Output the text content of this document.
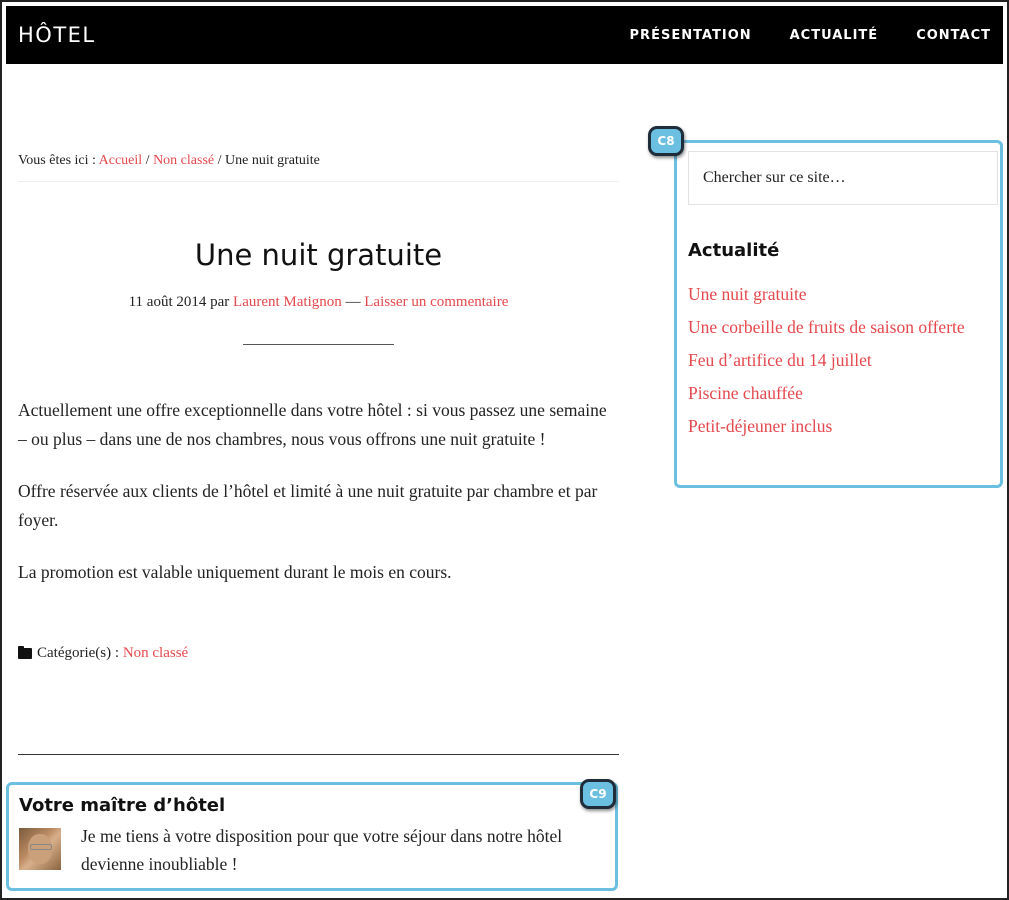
HÔTEL	PRÉSENTATION	ACTUALITÉ	CONTACT
Vous êtes ici : Accueil / Non classé / Une nuit gratuite
Une nuit gratuite
11 août 2014 par Laurent Matignon — Laisser un commentaire

Actuellement une offre exceptionnelle dans votre hôtel : si vous passez une semaine – ou plus – dans une de nos chambres, nous vous offrons une nuit gratuite !

Offre réservée aux clients de l’hôtel et limité à une nuit gratuite par chambre et par foyer.

La promotion est valable uniquement durant le mois en cours.

Catégorie(s) :
Non classé
Votre maître d’hôtel

Je me tiens à votre disposition pour que votre séjour dans notre hôtel devienne inoubliable !

C9
Chercher sur ce site…
Actualité
Une nuit gratuite
Une corbeille de fruits de saison offerte
Feu d’artifice du 14 juillet
Piscine chauffée
Petit-déjeuner inclus
C8
